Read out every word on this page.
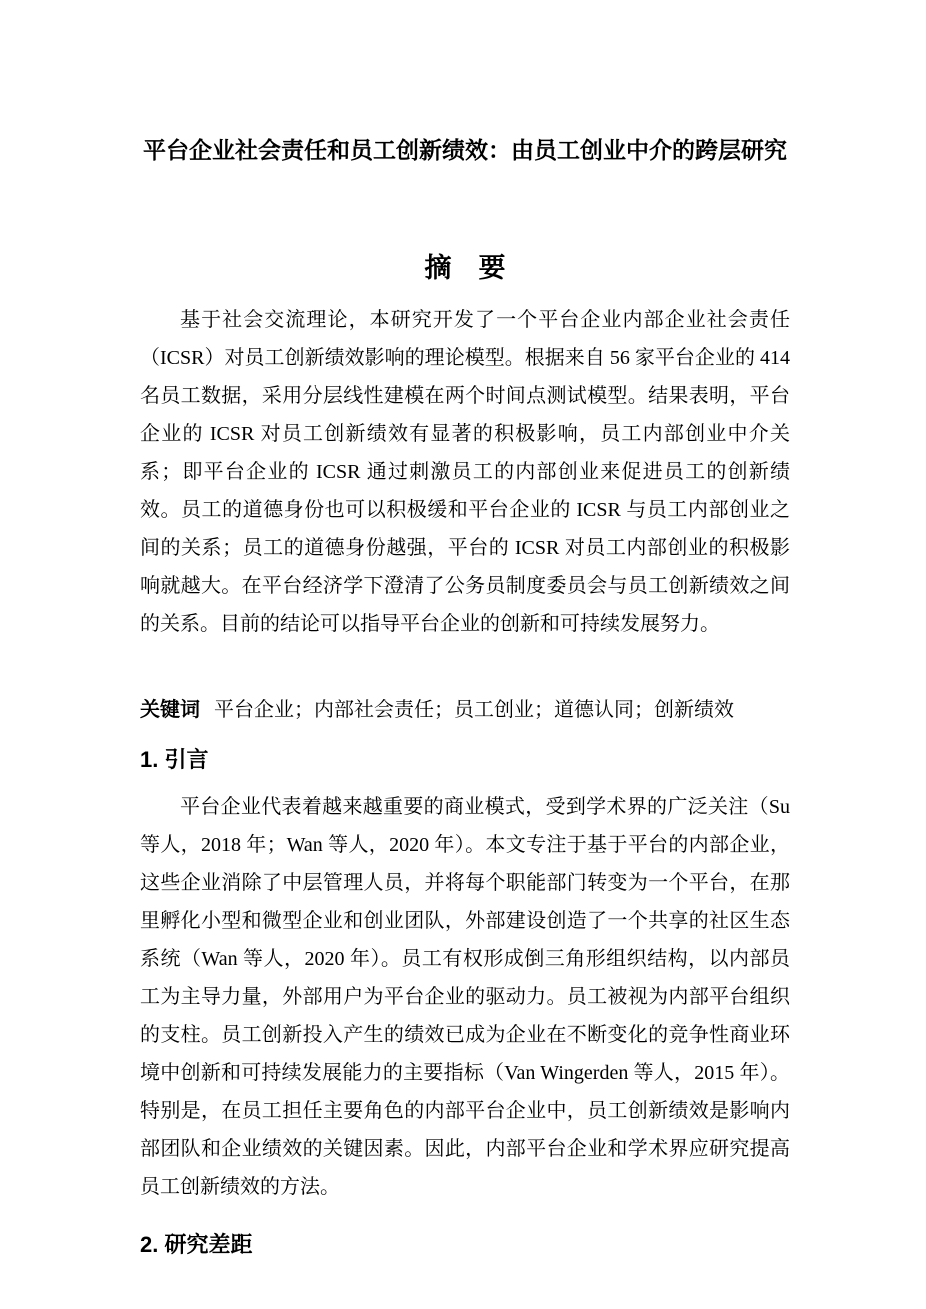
平台企业社会责任和员工创新绩效：由员工创业中介的跨层研究
摘　要

基于社会交流理论，本研究开发了一个平台企业内部企业社会责任（ICSR）对员工创新绩效影响的理论模型。根据来自 56 家平台企业的 414 名员工数据，采用分层线性建模在两个时间点测试模型。结果表明，平台企业的 ICSR 对员工创新绩效有显著的积极影响，员工内部创业中介关系；即平台企业的 ICSR 通过刺激员工的内部创业来促进员工的创新绩效。员工的道德身份也可以积极缓和平台企业的 ICSR 与员工内部创业之间的关系；员工的道德身份越强，平台的 ICSR 对员工内部创业的积极影响就越大。在平台经济学下澄清了公务员制度委员会与员工创新绩效之间的关系。目前的结论可以指导平台企业的创新和可持续发展努力。

关键词 平台企业；内部社会责任；员工创业；道德认同；创新绩效

1. 引言

平台企业代表着越来越重要的商业模式，受到学术界的广泛关注（Su 等人，2018 年；Wan 等人，2020 年）。本文专注于基于平台的内部企业，这些企业消除了中层管理人员，并将每个职能部门转变为一个平台，在那里孵化小型和微型企业和创业团队，外部建设创造了一个共享的社区生态系统（Wan 等人，2020 年）。员工有权形成倒三角形组织结构，以内部员工为主导力量，外部用户为平台企业的驱动力。员工被视为内部平台组织的支柱。员工创新投入产生的绩效已成为企业在不断变化的竞争性商业环境中创新和可持续发展能力的主要指标（Van Wingerden 等人，2015 年）。特别是，在员工担任主要角色的内部平台企业中，员工创新绩效是影响内部团队和企业绩效的关键因素。因此，内部平台企业和学术界应研究提高员工创新绩效的方法。

2. 研究差距
